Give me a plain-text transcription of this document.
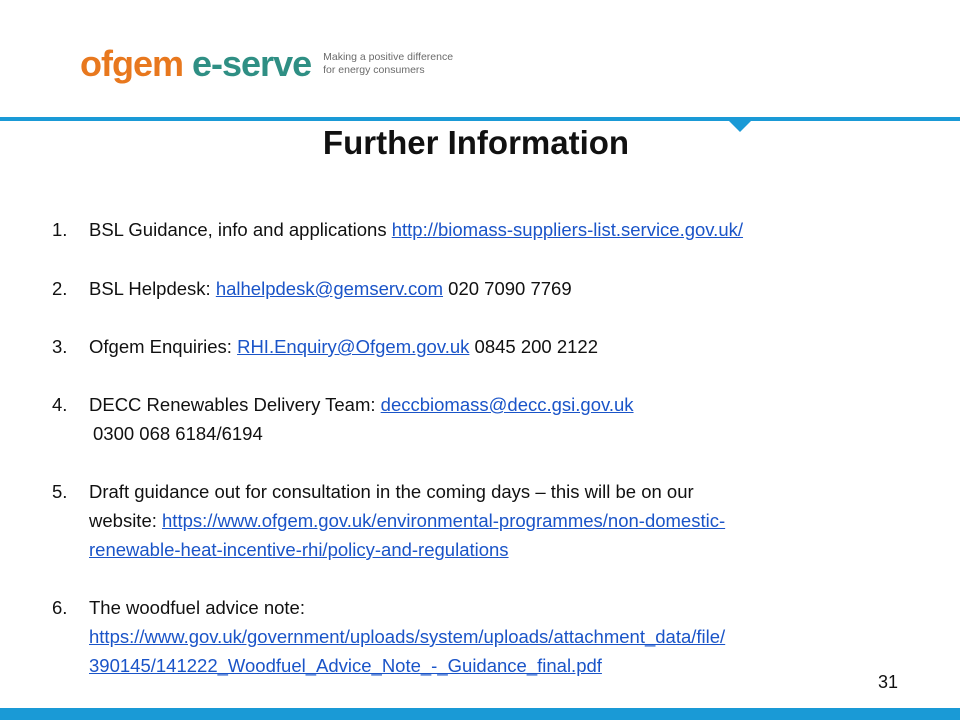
ofgem e-serve Making a positive difference
for energy consumers
Further Information
1.	BSL Guidance, info and applications http://biomass-suppliers-list.service.gov.uk/
2.	BSL Helpdesk: halhelpdesk@gemserv.com 020 7090 7769
3.	Ofgem Enquiries: RHI.Enquiry@Ofgem.gov.uk 0845 200 2122
4.	DECC Renewables Delivery Team: deccbiomass@decc.gsi.gov.uk
0300 068 6184/6194
5.	Draft guidance out for consultation in the coming days – this will be on our
website: https://www.ofgem.gov.uk/environmental-programmes/non-domestic-
renewable-heat-incentive-rhi/policy-and-regulations
6.	The woodfuel advice note:
https://www.gov.uk/government/uploads/system/uploads/attachment_data/file/
390145/141222_Woodfuel_Advice_Note_-_Guidance_final.pdf
31
